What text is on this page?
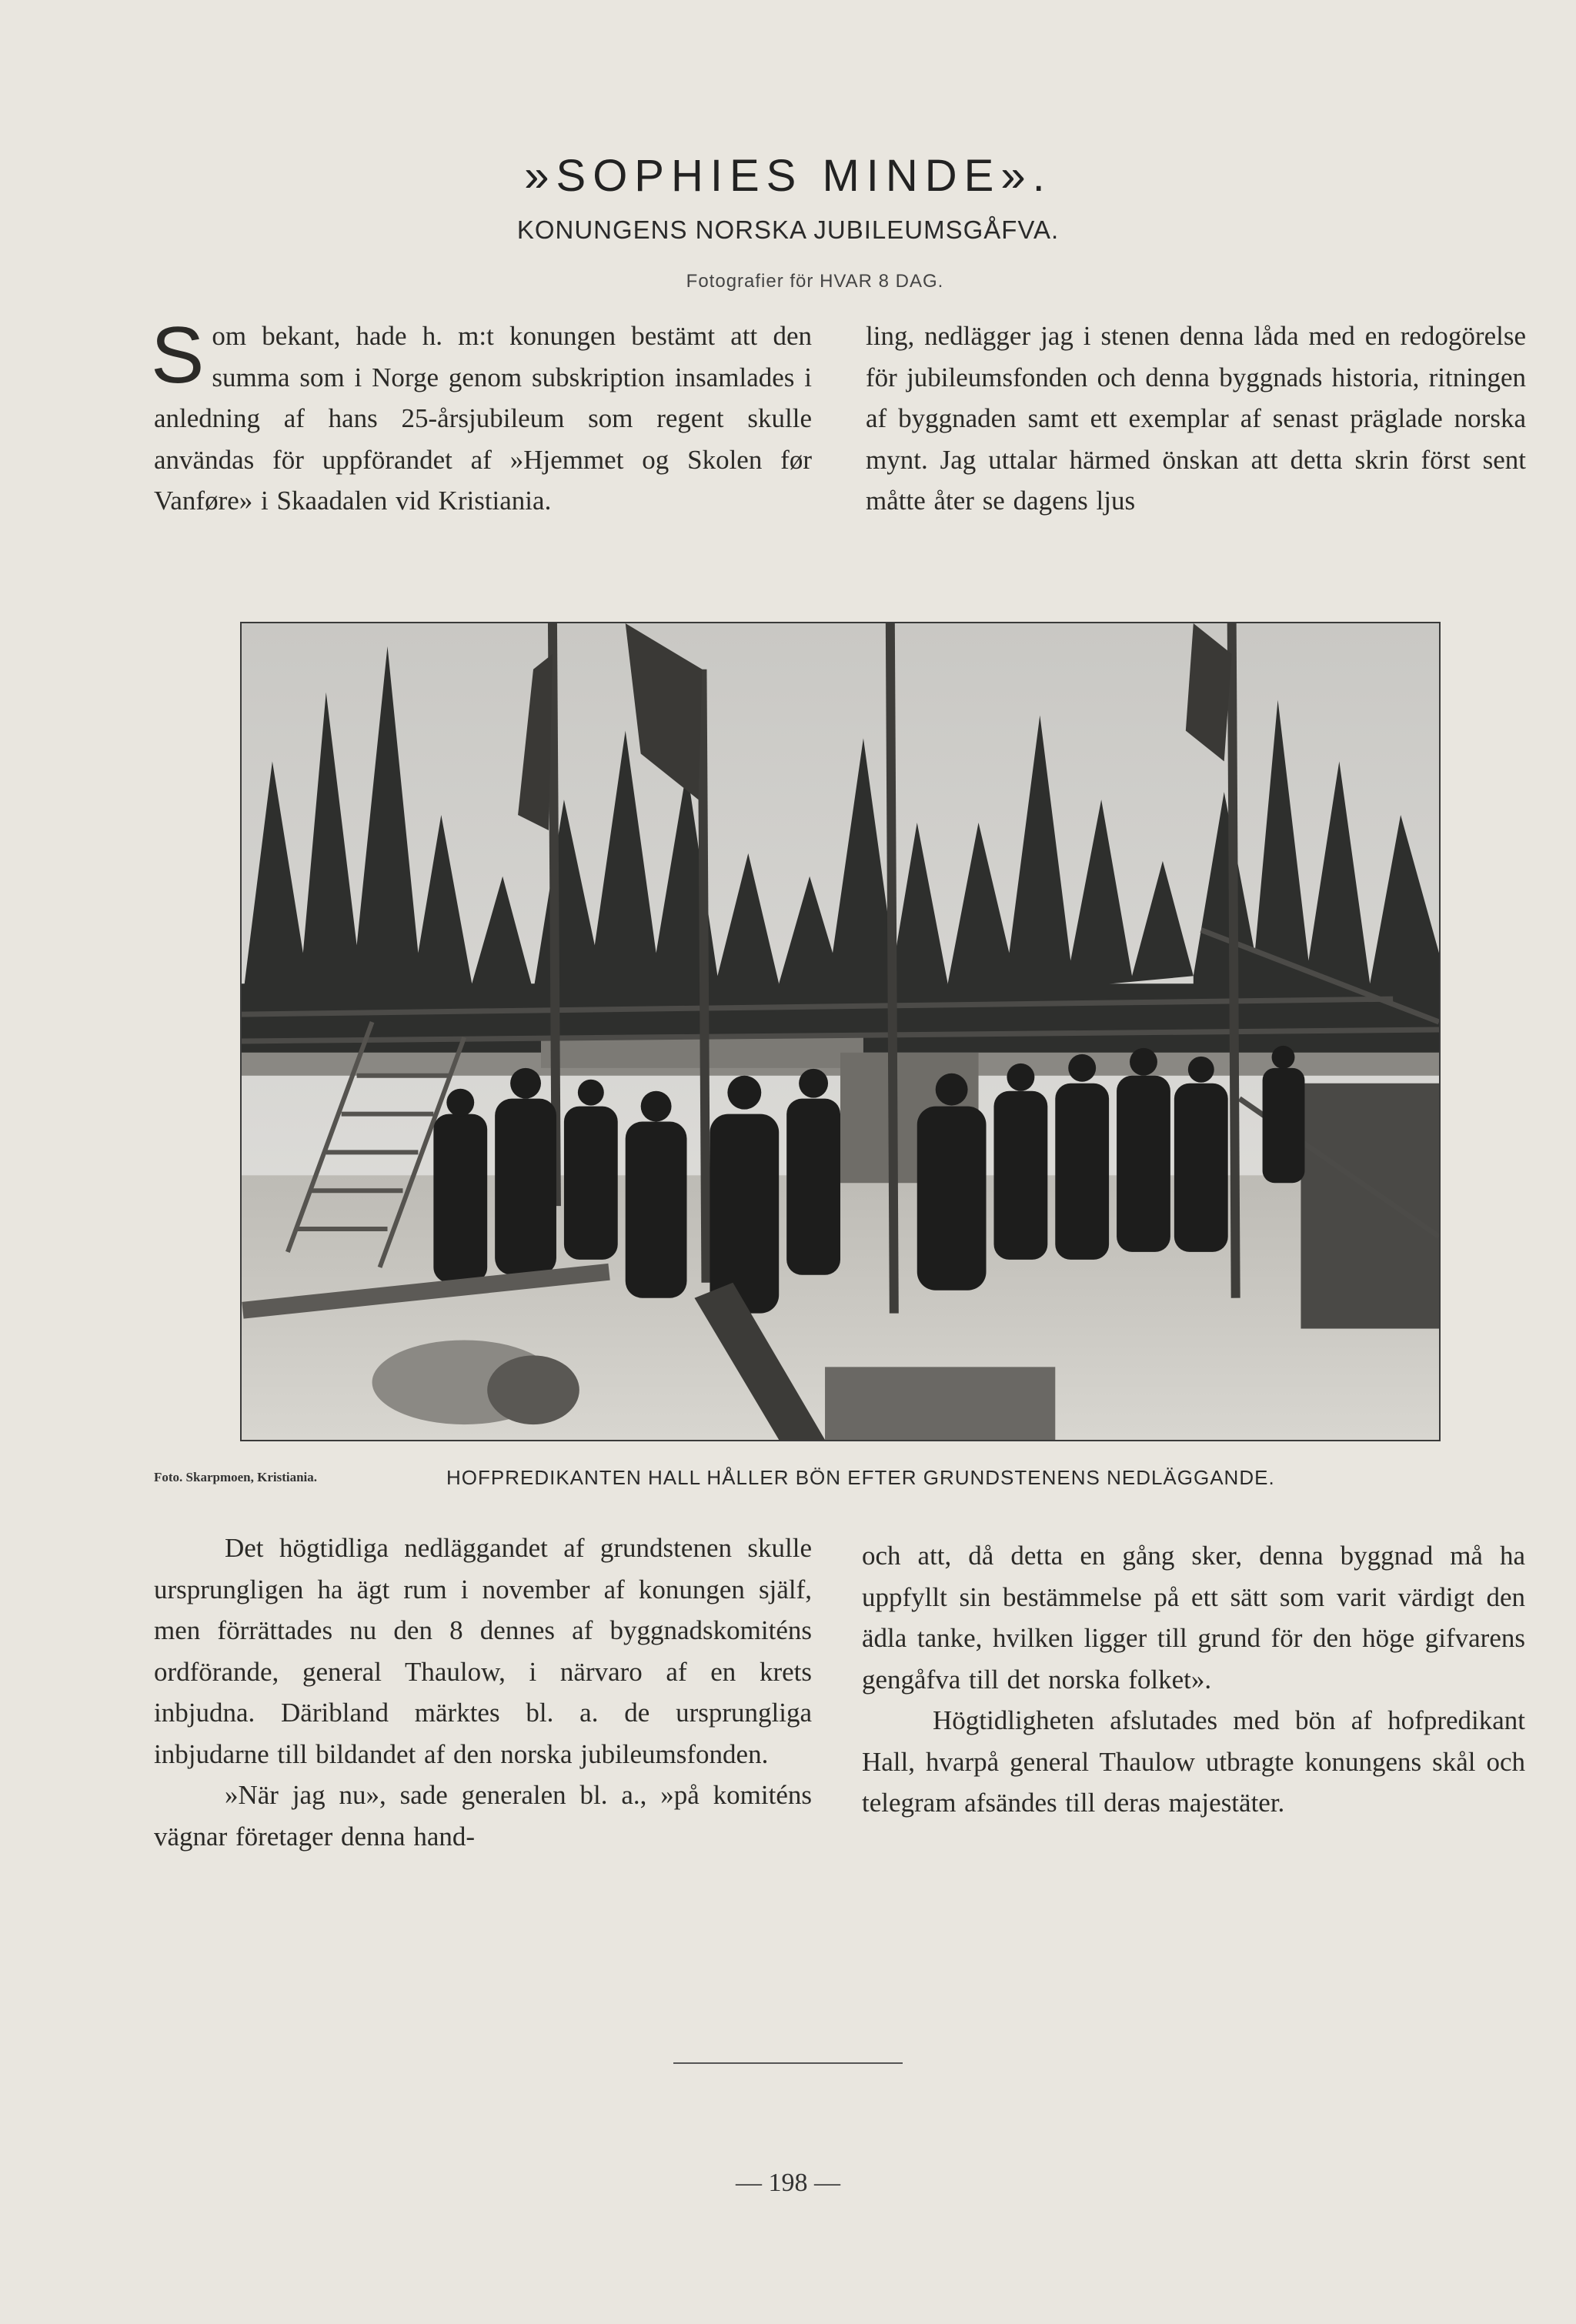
»SOPHIES MINDE».
KONUNGENS NORSKA JUBILEUMSGÅFVA.
Fotografier för HVAR 8 DAG.

Som bekant, hade h. m:t konungen bestämt att den summa som i Norge genom subskription insamlades i anledning af hans 25-årsjubileum som regent skulle användas för uppförandet af »Hjemmet og Skolen før Vanføre» i Skaadalen vid Kristiania.

ling, nedlägger jag i stenen denna låda med en redogörelse för jubileumsfonden och denna byggnads historia, ritningen af byggnaden samt ett exemplar af senast präglade norska mynt. Jag uttalar härmed önskan att detta skrin först sent måtte åter se dagens ljus

Foto. Skarpmoen, Kristiania.	HOFPREDIKANTEN HALL HÅLLER BÖN EFTER GRUNDSTENENS NEDLÄGGANDE.

Det högtidliga nedläggandet af grundstenen skulle ursprungligen ha ägt rum i november af konungen själf, men förrättades nu den 8 dennes af byggnadskomiténs ordförande, general Thaulow, i närvaro af en krets inbjudna. Däribland märktes bl. a. de ursprungliga inbjudarne till bildandet af den norska jubileumsfonden.

»När jag nu», sade generalen bl. a., »på komiténs vägnar företager denna hand-

och att, då detta en gång sker, denna byggnad må ha uppfyllt sin bestämmelse på ett sätt som varit värdigt den ädla tanke, hvilken ligger till grund för den höge gifvarens gengåfva till det norska folket».

Högtidligheten afslutades med bön af hofpredikant Hall, hvarpå general Thaulow utbragte konungens skål och telegram afsändes till deras majestäter.

— 198 —
